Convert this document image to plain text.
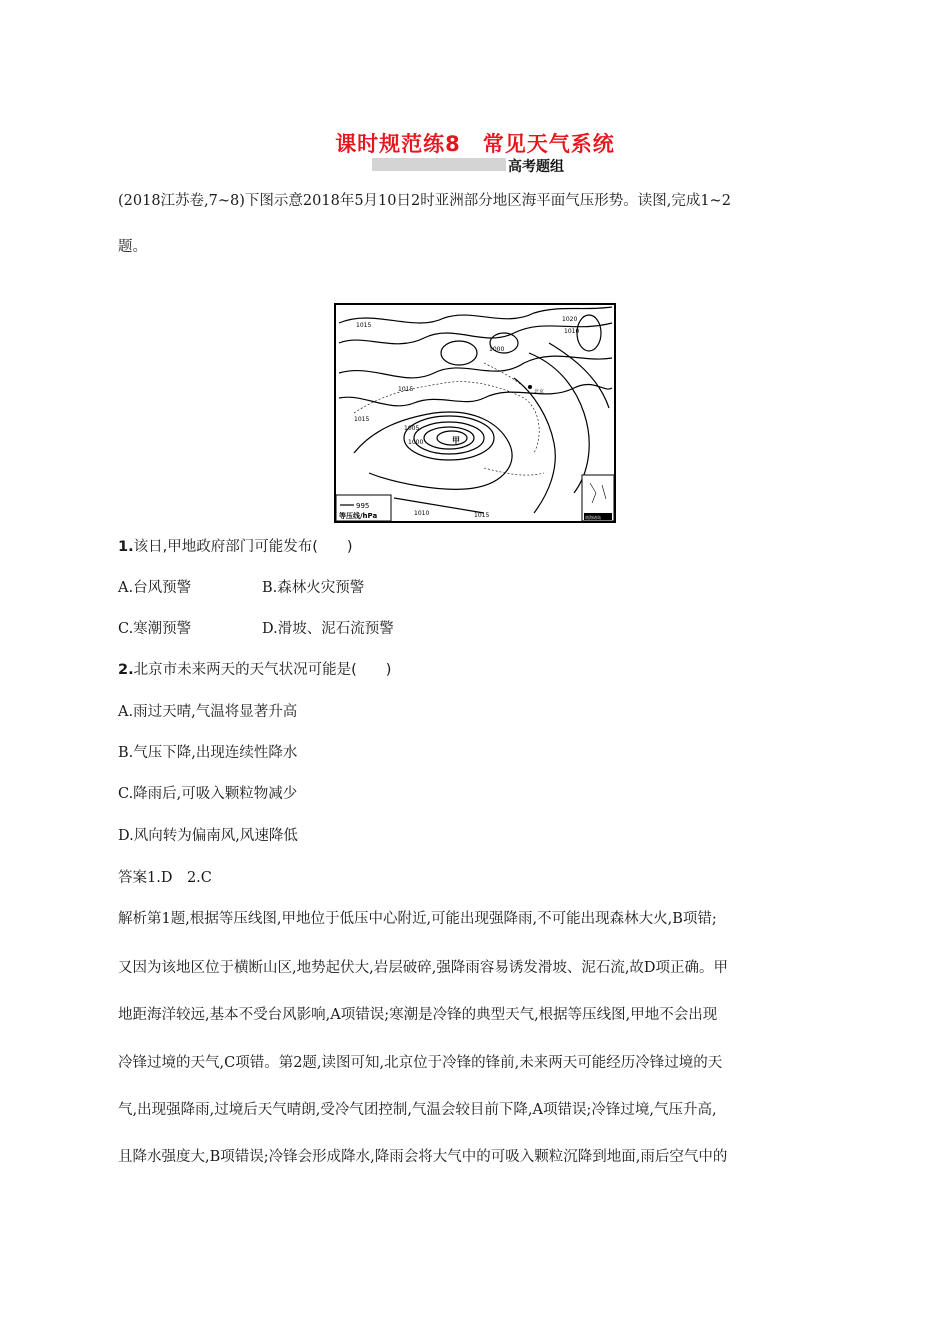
课时规范练8　常见天气系统
高考题组
(2018江苏卷,7~8)下图示意2018年5月10日2时亚洲部分地区海平面气压形势。读图,完成1~2
题。
1015
1015
1015
1005
1000
1010	1015
1020
1010
1000
甲
北京
995
等压线/hPa	南海诸岛
1.该日,甲地政府部门可能发布(　　)
A.台风预警	B.森林火灾预警
C.寒潮预警	D.滑坡、泥石流预警
2.北京市未来两天的天气状况可能是(　　)
A.雨过天晴,气温将显著升高
B.气压下降,出现连续性降水
C.降雨后,可吸入颗粒物减少
D.风向转为偏南风,风速降低
答案1.D　2.C
解析第1题,根据等压线图,甲地位于低压中心附近,可能出现强降雨,不可能出现森林大火,B项错;
又因为该地区位于横断山区,地势起伏大,岩层破碎,强降雨容易诱发滑坡、泥石流,故D项正确。甲
地距海洋较远,基本不受台风影响,A项错误;寒潮是冷锋的典型天气,根据等压线图,甲地不会出现
冷锋过境的天气,C项错。第2题,读图可知,北京位于冷锋的锋前,未来两天可能经历冷锋过境的天
气,出现强降雨,过境后天气晴朗,受冷气团控制,气温会较目前下降,A项错误;冷锋过境,气压升高,
且降水强度大,B项错误;冷锋会形成降水,降雨会将大气中的可吸入颗粒沉降到地面,雨后空气中的
